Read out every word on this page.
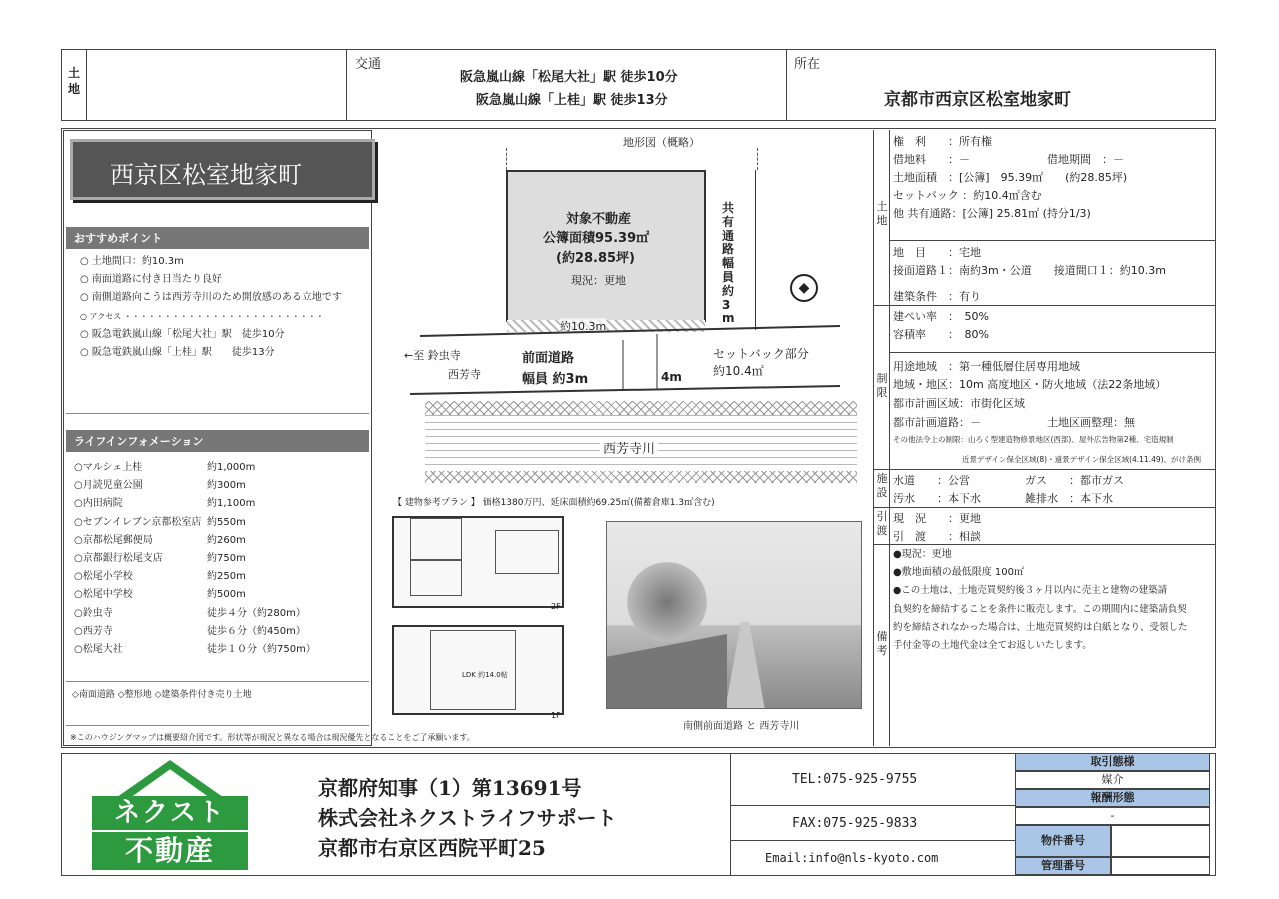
土地
交通
阪急嵐山線「松尾大社」駅 徒歩10分
阪急嵐山線「上桂」駅 徒歩13分
所在
京都市西京区松室地家町
西京区松室地家町
おすすめポイント
○ 土地間口：約10.3m
○ 南面道路に付き日当たり良好
○ 南側道路向こうは西芳寺川のため開放感のある立地です
○ アクセス ・・・・・・・・・・・・・・・・・・・・・・・・・
○ 阪急電鉄嵐山線「松尾大社」駅　徒歩10分
○ 阪急電鉄嵐山線「上桂」駅　　徒歩13分
ライフインフォメーション
○マルシェ上桂	約1,000m
○月読児童公園	約300m
○内田病院	約1,100m
○セブンイレブン京都松室店 約550m
○京都松尾郵便局	約260m
○京都銀行松尾支店	約750m
○松尾小学校	約250m
○松尾中学校	約500m
○鈴虫寺	徒歩４分（約280m）
○西芳寺	徒歩６分（約450m）
○松尾大社	徒歩１０分（約750m）
◇南面道路 ◇整形地 ◇建築条件付き売り土地
※このハウジングマップは概要紹介図です。形状等が現況と異なる場合は現況優先となることをご了承願います。
地形図（概略）
対象不動産
公簿面積95.39㎡
(約28.85坪)
現況：更地
約10.3m
共有通路幅員約3m
◆
←至 鈴虫寺
西芳寺
前面道路
幅員 約3m	4m
セットバック部分
約10.4㎡
西芳寺川
【 建物参考プラン 】 価格1380万円、延床面積約69.25㎡(備蓄倉庫1.3㎡含む)
2F
LDK 約14.0帖
1F
南側前面道路 と 西芳寺川
土地
権　利　　：所有権
借地料　　：－　　　　　　　借地期間　：－
土地面積　：[公簿]　95.39㎡　　(約28.85坪)
セットバック ：約10.4㎡含む
他 共有通路：[公簿] 25.81㎡ (持分1/3)
地　目　　：宅地
接面道路１：南約3m・公道　　接道間口１：約10.3m
建築条件　：有り
制限
建ぺい率　：　50%
容積率　　：　80%
用途地域　：第一種低層住居専用地域
地域・地区：10m 高度地区・防火地域（法22条地域）
都市計画区域：市街化区域
都市計画道路：－　　　　　　土地区画整理：無
その他法令上の制限：山ろく型建造物修景地区(西部)、屋外広告物第2種、宅造規制
近景デザイン保全区域(8)・遠景デザイン保全区域(4.11.49)、がけ条例
施設
水道　　：公営　　　　　ガス　　：都市ガス
汚水　　：本下水　　　　雑排水　：本下水
引渡
現　況　　：更地
引　渡　　：相談
備考
●現況：更地
●敷地面積の最低限度 100㎡
●この土地は、土地売買契約後３ヶ月以内に売主と建物の建築請
負契約を締結することを条件に販売します。この期間内に建築請負契
約を締結されなかった場合は、土地売買契約は白紙となり、受領した
手付金等の土地代金は全てお返しいたします。
ネクスト
不動産
京都府知事（1）第13691号
株式会社ネクストライフサポート
京都市右京区西院平町25
TEL:075-925-9755
FAX:075-925-9833
Email:info@nls-kyoto.com
取引態様
媒介
報酬形態
-
物件番号
管理番号
